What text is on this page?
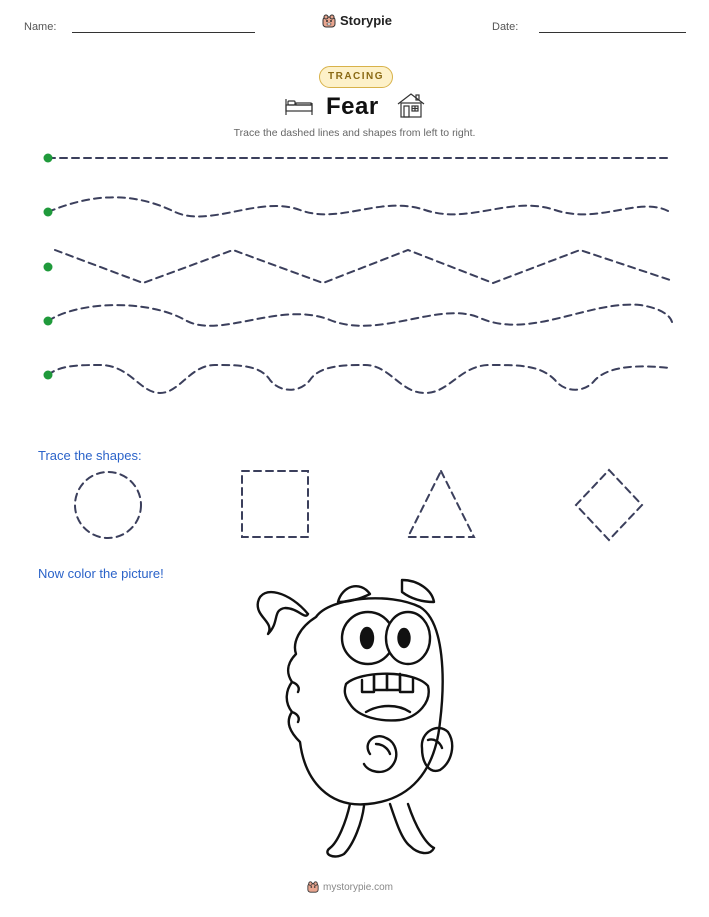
Name:	Storypie	Date:
TRACING
Fear
Trace the dashed lines and shapes from left to right.
Trace the shapes:
Now color the picture!
mystorypie.com
